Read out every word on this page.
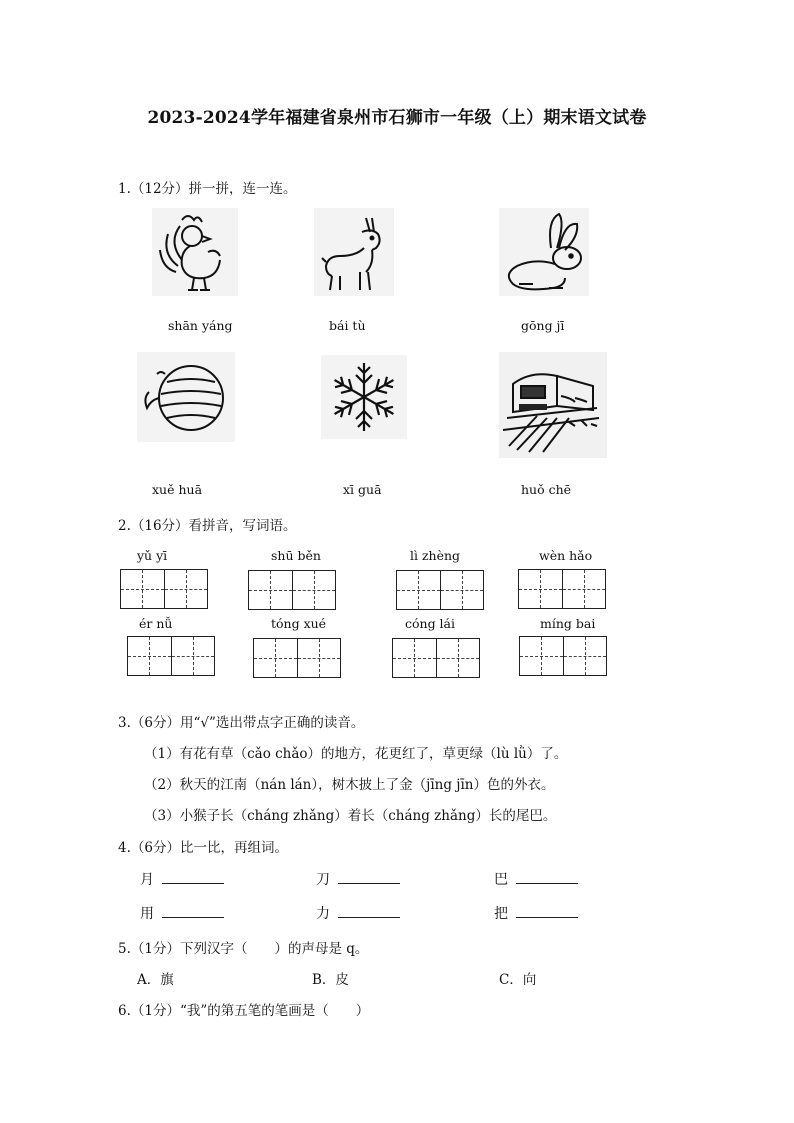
2023-2024学年福建省泉州市石狮市一年级（上）期末语文试卷
1.（12分）拼一拼，连一连。
shān yáng	bái tù	gōng jī
xuě huā	xī guā	huǒ chē
2.（16分）看拼音，写词语。
yǔ yī	shū běn	lì zhèng	wèn hǎo
ér nǚ	tóng xué	cóng lái	míng bai
3.（6分）用“√”选出带点字正确的读音。
（1）有花有草（cǎo chǎo）的地方，花更红了，草更绿（lù lǜ）了。
（2）秋天的江南（nán lán），树木披上了金（jīng jīn）色的外衣。
（3）小猴子长（cháng zhǎng）着长（cháng zhǎng）长的尾巴。
4.（6分）比一比，再组词。
月	刀	巴
用	力	把
5.（1分）下列汉字（　　）的声母是 q。
A．旗	B．皮	C．向
6.（1分）“我”的第五笔的笔画是（　　）
